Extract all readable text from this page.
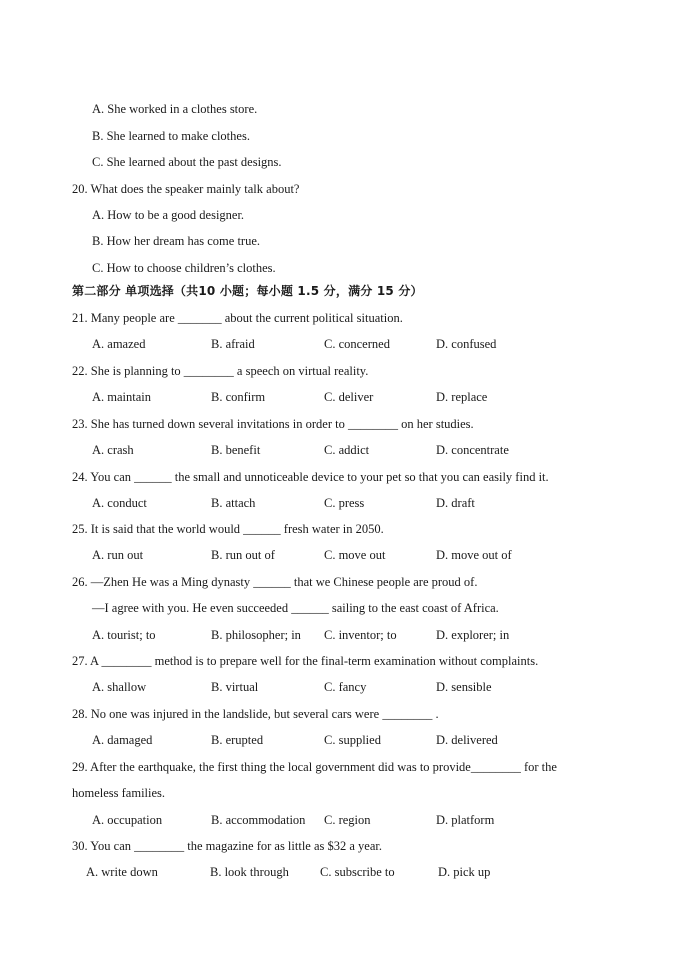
A. She worked in a clothes store.
B. She learned to make clothes.
C. She learned about the past designs.
20. What does the speaker mainly talk about?
A. How to be a good designer.
B. How her dream has come true.
C. How to choose children’s clothes.
第二部分 单项选择（共10 小题；每小题 1.5 分，满分 15 分）
21. Many people are _______ about the current political situation.
A. amazed	B. afraid	C. concerned	D. confused
22. She is planning to ________ a speech on virtual reality.
A. maintain	B. confirm	C. deliver	D. replace
23. She has turned down several invitations in order to ________ on her studies.
A. crash	B. benefit	C. addict	D. concentrate
24. You can ______ the small and unnoticeable device to your pet so that you can easily find it.
A. conduct	B. attach	C. press	D. draft
25. It is said that the world would ______ fresh water in 2050.
A. run out	B. run out of	C. move out	D. move out of
26. —Zhen He was a Ming dynasty ______ that we Chinese people are proud of.
—I agree with you. He even succeeded ______ sailing to the east coast of Africa.
A. tourist; to	B. philosopher; in C. inventor; to	D. explorer; in
27. A ________ method is to prepare well for the final-term examination without complaints.
A. shallow	B. virtual	C. fancy	D. sensible
28. No one was injured in the landslide, but several cars were ________ .
A. damaged	B. erupted	C. supplied	D. delivered
29. After the earthquake, the first thing the local government did was to provide________ for the
homeless families.
A. occupation	B. accommodation C. region	D. platform
30. You can ________ the magazine for as little as $32 a year.
A. write down	B. look through C. subscribe to	D. pick up
